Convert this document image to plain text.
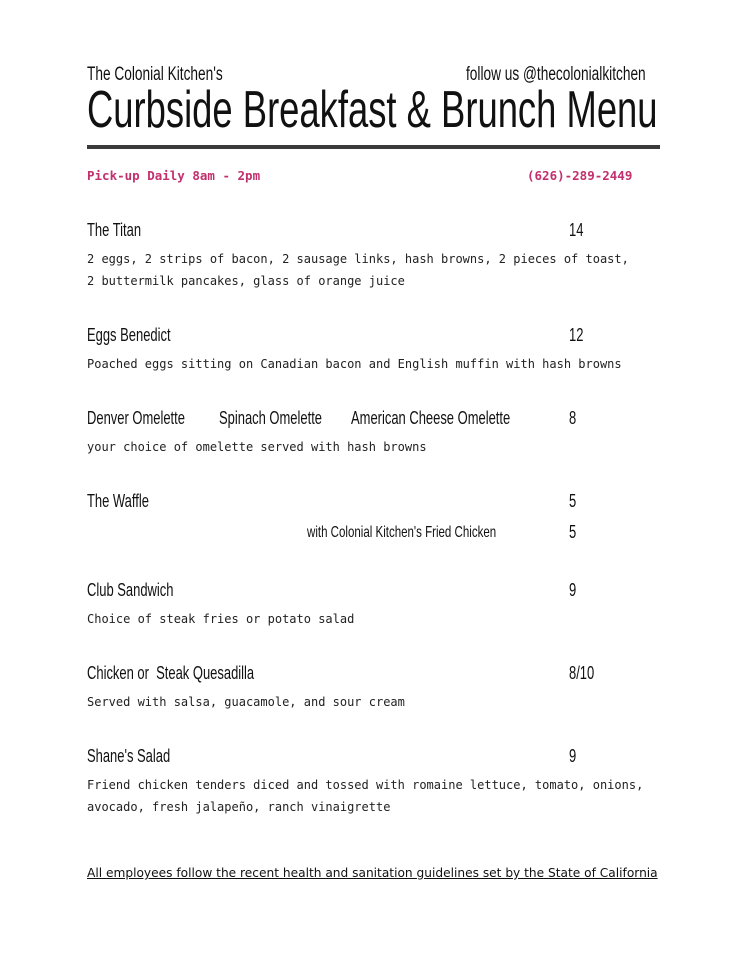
The Colonial Kitchen's	follow us @thecolonialkitchen
Curbside Breakfast & Brunch Menu
Pick-up Daily 8am - 2pm	(626)-289-2449
The Titan	14
2 eggs, 2 strips of bacon, 2 sausage links, hash browns, 2 pieces of toast,
2 buttermilk pancakes, glass of orange juice
Eggs Benedict	12
Poached eggs sitting on Canadian bacon and English muffin with hash browns
Denver Omelette Spinach Omelette American Cheese Omelette	8
your choice of omelette served with hash browns
The Waffle	5
with Colonial Kitchen's Fried Chicken	5
Club Sandwich	9
Choice of steak fries or potato salad
Chicken or  Steak Quesadilla	8/10
Served with salsa, guacamole, and sour cream
Shane's Salad	9
Friend chicken tenders diced and tossed with romaine lettuce, tomato, onions,
avocado, fresh jalapeño, ranch vinaigrette
All employees follow the recent health and sanitation guidelines set by the State of California
